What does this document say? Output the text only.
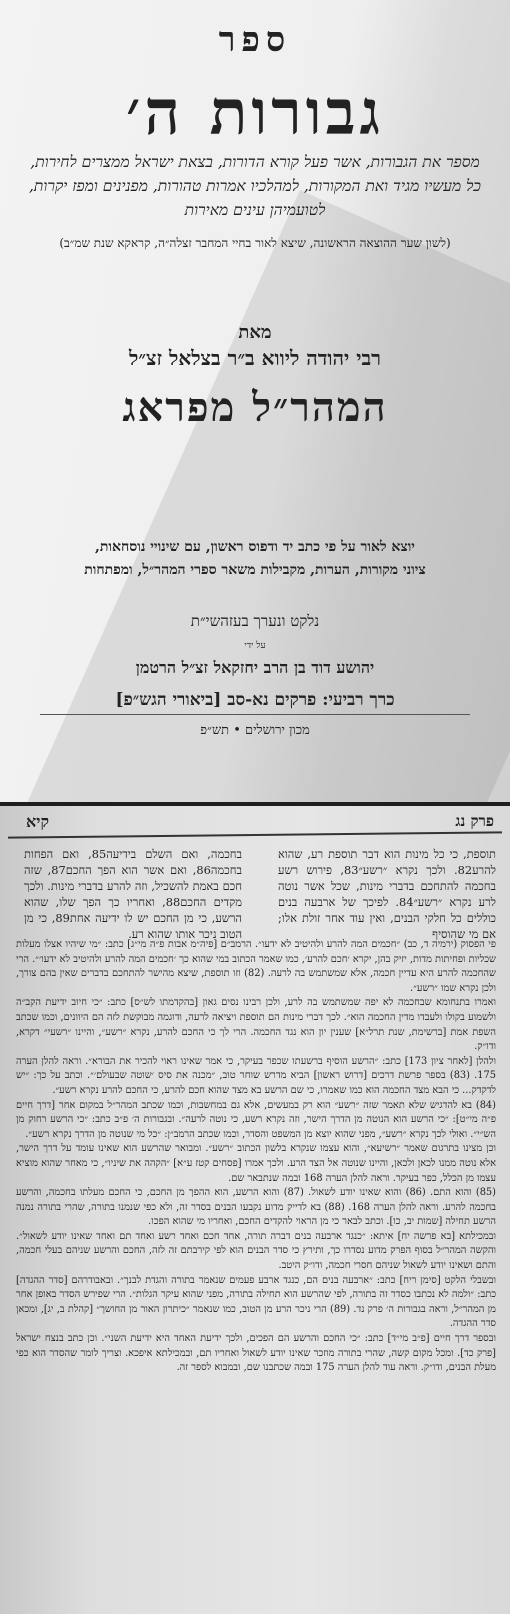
ספר
גבורות ה׳
מספר את הגבורות, אשר פעל קורא הדורות, בצאת ישראל ממצרים לחירות,
כל מעשיו מגיד ואת המקורות, למהלכיו אמרות טהורות, מפנינים ומפז יקרות,
לטועמיהן עינים מאירות
(לשון שער ההוצאה הראשונה, שיצא לאור בחיי המחבר זצלה״ה, קראקא שנת שמ״ב)
מאת
רבי יהודה ליווא ב״ר בצלאל זצ״ל
המהר״ל מפראג
יוצא לאור על פי כתב יד ודפוס ראשון, עם שינויי נוסחאות,
ציוני מקורות, הערות, מקבילות משאר ספרי המהר״ל, ומפתחות
נלקט ונערך בעזהשי״ת
על ידי
יהושע דוד בן הרב יחזקאל זצ״ל הרטמן
כרך רביעי: פרקים נא-סב [ביאורי הגש״פ]
מכון ירושלים • תש״פ
פרק נג
קיא
תוספת, כי כל מינות הוא דבר תוספת רע, שהוא להרע82. ולכך נקרא ״רשע״83, פירוש רשע בחכמה להתחכם בדברי מינות, שכל אשר נוטה לרע נקרא ״רשע״84. לפיכך של ארבעה בנים כוללים כל חלקי הבנים, ואין עוד אחר זולת אלו; אם מי שהוסיף
בחכמה, ואם השלם בידיעה85, ואם הפחות בחכמה86, ואם אשר הוא הפך החכם87, שזה חכם באמת להשכיל, וזה להרע בדברי מינות. ולכך מקדים החכם88, ואחריו כך הפך שלו, שהוא הרשע, כי מן החכם יש לו ידיעה אחת89, כי מן הטוב ניכר אותו שהוא רע.

פי הפסוק (ירמיה ד, כב) ״חכמים המה להרע ולהיטיב לא ידעו״. הרמב״ם [פיה״מ אבות פ״ה מי״ג] כתב: ״מי שיהיו אצלו מעלות שכליות ופחיתות מדות, יזיק בהן, יקרא ׳חכם להרע׳, כמו שאמר הכתוב במי שהוא כך ׳חכמים המה להרע ולהיטיב לא ידעו׳״. הרי שהחכמה להרע היא עדיין חכמה, אלא שמשתמש בה לרעה. (82) וזו תוספת, שיצא מהישר להתחכם בדברים שאין בהם צורך, ולכן נקרא שמו ״רשע״.

ואמרו בתנחומא שבחכמה לא יפה שמשתמש בה לרע, ולכן רבינו נסים גאון [בהקדמתו לש״ס] כתב: ״כי חיוב ידיעת הקב״ה ולשמוע בקולו ולעבדו מדין החכמה הוא״. לכך דברי מינות הם תוספת ויציאה לרעה, ודוגמה מבוקשת לזה הם היוונים, וכמו שכתב השפת אמת [ברשימת, שנת תרל״א] שענין יון הוא נגד החכמה. הרי לך כי החכם להרע, נקרא ״רשע״, והיינו ״רשעי״ דקרא, ודו״ק.

ולהלן [לאחר ציון 173] כתב: ״הרשע הוסיף ברשעתו שכפר בעיקר, כי אמר שאינו ראוי להכיר את הבורא״. וראה להלן הערה 175. (83) בספר פרשת דרכים [דרוש ראשון] הביא מדרש שוחר טוב, ״מכנה את סיס ׳שוטה שבעולם׳״. וכתב על כך: ״יש לדקדק... כי הבא מצד החכמה הוא כמו שאמרו, כי שם הרשע בא מצד שהוא חכם להרע, כי החכם להרע נקרא רשע״.

(84) בא להדגיש שלא תאמר שזה ״רשע״ הוא רק במעשים, אלא גם במחשבות, וכמו שכתב המהר״ל במקום אחר [דרך חיים פ״ה מי״ט]: ״כי הרשע הוא הנוטה מן הדרך הישר, וזה נקרא רשע, כי נוטה לרעה״. ובגבורות ה׳ פ״ב כתב: ״כי הרשע רחוק מן הש״י״. ואולי לכך נקרא ״רשע״, מפני שהוא יוצא מן המשפט והסדר, וכמו שכתב הרמב״ן: ״כל מי שנוטה מן הדרך נקרא רשע״.

וכן מצינו בתרגום שאמר ״רשיעא״, והוא עצמו שנקרא בלשון הכתוב ״רשע״. ומבואר שהרשע הוא שאינו עומד על דרך הישר, אלא נוטה ממנו לכאן ולכאן, והיינו שנוטה אל הצד הרע. ולכך אמרו [פסחים קטז ע״א] ״הקהה את שיניו״, כי מאחר שהוא מוציא עצמו מן הכלל, כפר בעיקר. וראה להלן הערה 168 ובמה שנתבאר שם.

(85) והוא התם. (86) והוא שאינו יודע לשאול. (87) והוא הרשע, הוא ההפך מן החכם, כי החכם מעלתו בחכמה, והרשע בחכמה להרע. וראה להלן הערה 168. (88) בא לדייק מדוע נקבעו הבנים בסדר זה, ולא כפי שנמנו בתורה, שהרי בתורה נמנה הרשע תחילה [שמות יב, כו]. וכתב לבאר כי מן הראוי להקדים החכם, ואחריו מי שהוא הפכו.

ובמכילתא [בא פרשה יח] איתא: ״כנגד ארבעה בנים דברה תורה, אחד חכם ואחד רשע ואחד תם ואחד שאינו יודע לשאול״. והקשה המהר״ל בסוף הפרק מדוע נסדרו כך, ותירץ כי סדר הבנים הוא לפי קירבתם זה לזה, החכם והרשע שניהם בעלי חכמה, והתם ושאינו יודע לשאול שניהם חסרי חכמה, ודו״ק היטב.

ובשבלי הלקט [סימן ריח] כתב: ״ארבעה בנים הם, כנגד ארבע פעמים שנאמר בתורה והגדת לבנך״. ובאבודרהם [סדר ההגדה] כתב: ״ולמה לא נכתבו כסדר זה בתורה, לפי שהרשע הוא תחילה בתורה, מפני שהוא עיקר הגלות״. הרי שפירש הסדר באופן אחר מן המהר״ל, וראה בגבורות ה׳ פרק נד. (89) הרי ניכר הרע מן הטוב, כמו שנאמר ״כיתרון האור מן החושך״ [קהלת ב, יג], ומכאן סדר ההגדה.

ובספר דרך חיים [פ״ב מי״ד] כתב: ״כי החכם והרשע הם הפכים, ולכך ידיעת האחד היא ידיעת השני״. וכן כתב בנצח ישראל [פרק כד]. ומכל מקום קשה, שהרי בתורה מוזכר שאינו יודע לשאול ואחריו תם, ובמכילתא איפכא. וצריך לומר שהסדר הוא כפי מעלת הבנים, ודו״ק. וראה עוד להלן הערה 175 ובמה שכתבנו שם, ובמבוא לספר זה.
